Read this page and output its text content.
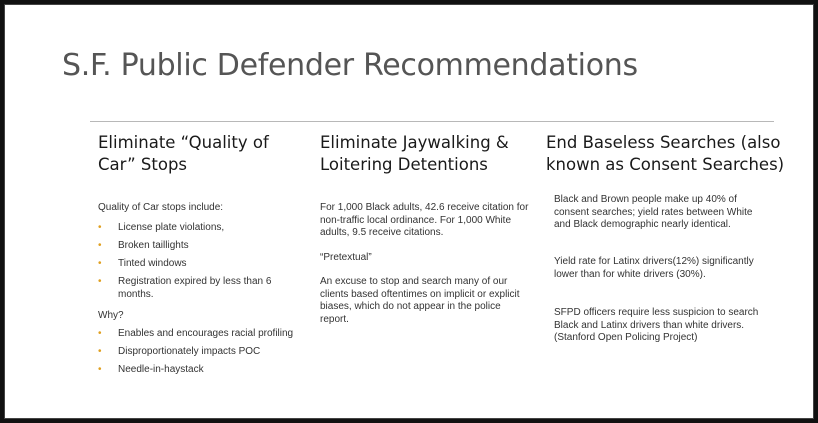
S.F. Public Defender Recommendations

Eliminate “Quality of
Car” Stops

Quality of Car stops include:

• License plate violations,
• Broken taillights
• Tinted windows
• Registration expired by less than 6 months.

Why?

• Enables and encourages racial profiling
• Disproportionately impacts POC
• Needle-in-haystack

Eliminate Jaywalking &
Loitering Detentions

For 1,000 Black adults, 42.6 receive citation for non-traffic local ordinance. For 1,000 White adults, 9.5 receive citations.

“Pretextual”

An excuse to stop and search many of our clients based oftentimes on implicit or explicit biases, which do not appear in the police report.

End Baseless Searches (also
known as Consent Searches)

Black and Brown people make up 40% of consent searches; yield rates between White and Black demographic nearly identical.

Yield rate for Latinx drivers(12%) significantly lower than for white drivers (30%).

SFPD officers require less suspicion to search Black and Latinx drivers than white drivers. (Stanford Open Policing Project)
